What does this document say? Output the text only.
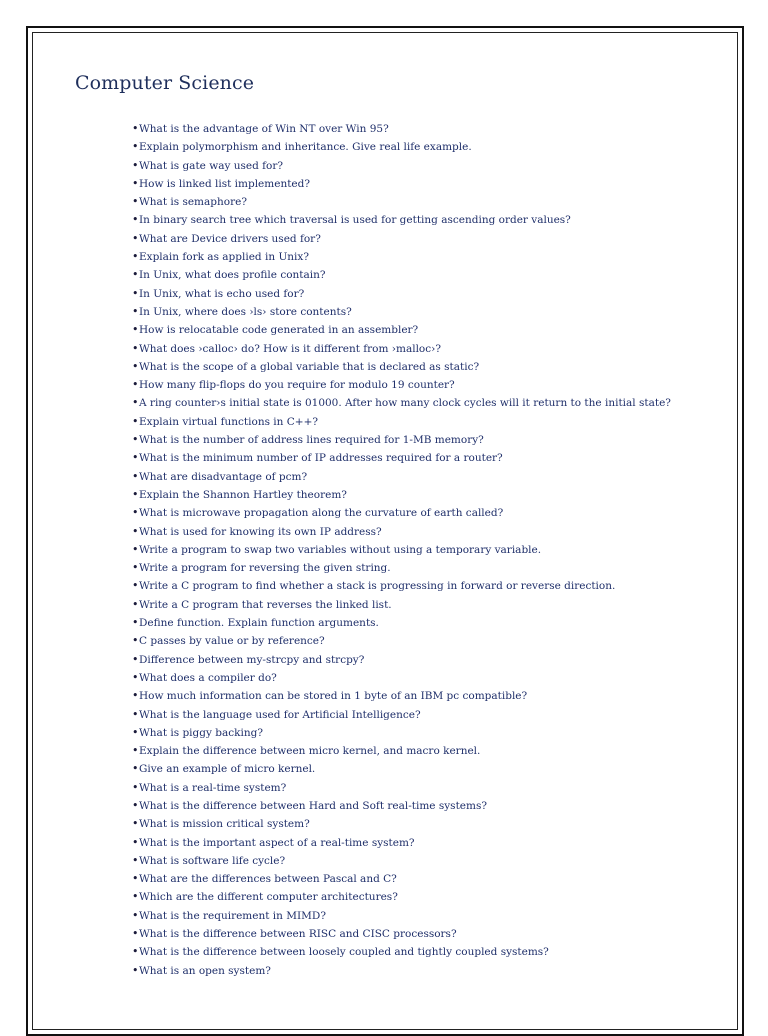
Computer Science
•What is the advantage of Win NT over Win 95?
•Explain polymorphism and inheritance. Give real life example.
•What is gate way used for?
•How is linked list implemented?
•What is semaphore?
•In binary search tree which traversal is used for getting ascending order values?
•What are Device drivers used for?
•Explain fork as applied in Unix?
•In Unix, what does profile contain?
•In Unix, what is echo used for?
•In Unix, where does ›ls› store contents?
•How is relocatable code generated in an assembler?
•What does ›calloc› do? How is it different from ›malloc›?
•What is the scope of a global variable that is declared as static?
•How many flip-flops do you require for modulo 19 counter?
•A ring counter›s initial state is 01000. After how many clock cycles will it return to the initial state?
•Explain virtual functions in C++?
•What is the number of address lines required for 1-MB memory?
•What is the minimum number of IP addresses required for a router?
•What are disadvantage of pcm?
•Explain the Shannon Hartley theorem?
•What is microwave propagation along the curvature of earth called?
•What is used for knowing its own IP address?
•Write a program to swap two variables without using a temporary variable.
•Write a program for reversing the given string.
•Write a C program to find whether a stack is progressing in forward or reverse direction.
•Write a C program that reverses the linked list.
•Define function. Explain function arguments.
•C passes by value or by reference?
•Difference between my-strcpy and strcpy?
•What does a compiler do?
•How much information can be stored in 1 byte of an IBM pc compatible?
•What is the language used for Artificial Intelligence?
•What is piggy backing?
•Explain the difference between micro kernel, and macro kernel.
•Give an example of micro kernel.
•What is a real-time system?
•What is the difference between Hard and Soft real-time systems?
•What is mission critical system?
•What is the important aspect of a real-time system?
•What is software life cycle?
•What are the differences between Pascal and C?
•Which are the different computer architectures?
•What is the requirement in MIMD?
•What is the difference between RISC and CISC processors?
•What is the difference between loosely coupled and tightly coupled systems?
•What is an open system?
